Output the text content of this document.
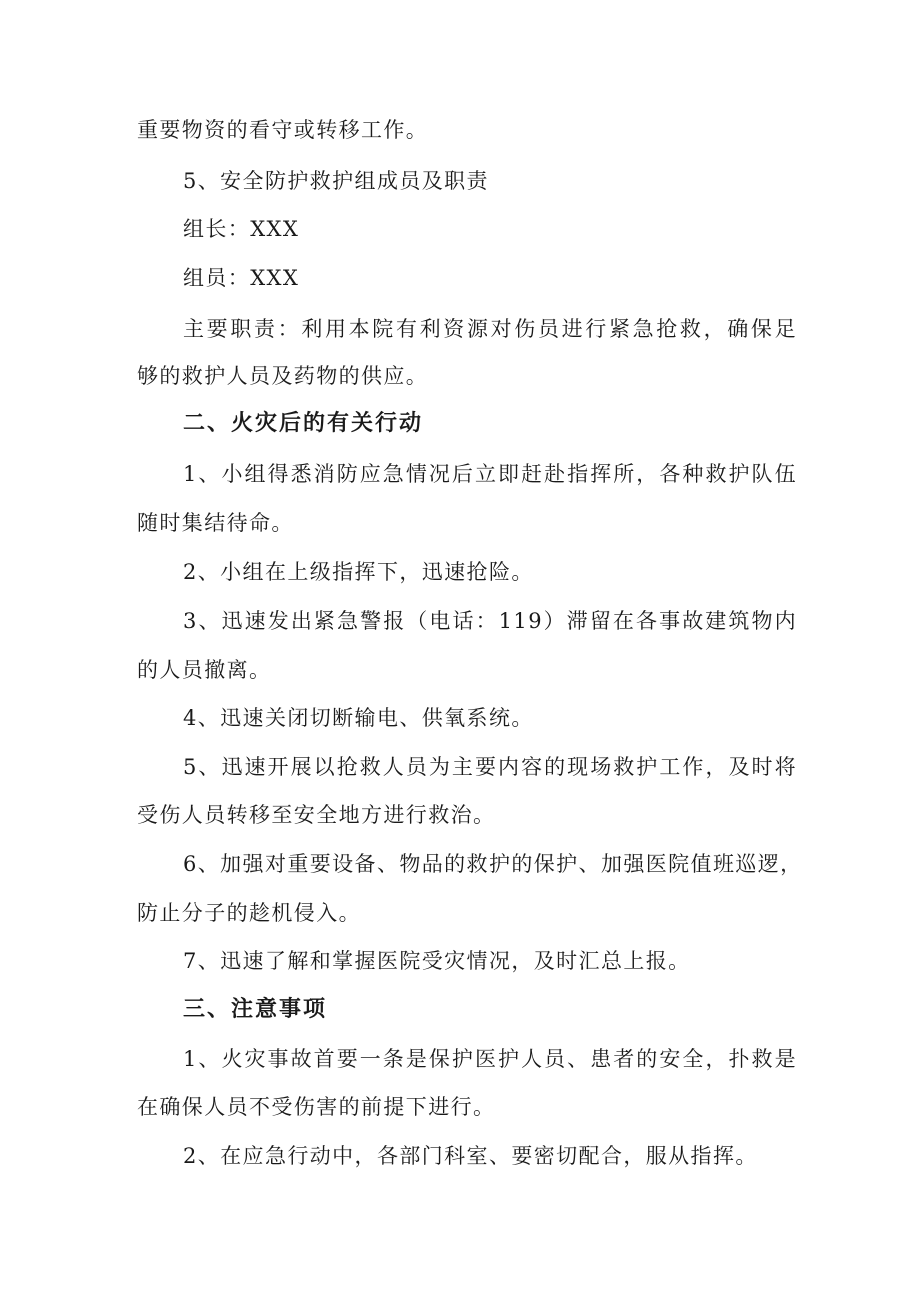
重要物资的看守或转移工作。
5、安全防护救护组成员及职责
组长：XXX
组员：XXX
主要职责：利用本院有利资源对伤员进行紧急抢救，确保足
够的救护人员及药物的供应。
二、火灾后的有关行动
1、小组得悉消防应急情况后立即赶赴指挥所，各种救护队伍
随时集结待命。
2、小组在上级指挥下，迅速抢险。
3、迅速发出紧急警报（电话：119）滞留在各事故建筑物内
的人员撤离。
4、迅速关闭切断输电、供氧系统。
5、迅速开展以抢救人员为主要内容的现场救护工作，及时将
受伤人员转移至安全地方进行救治。
6、加强对重要设备、物品的救护的保护、加强医院值班巡逻，
防止分子的趁机侵入。
7、迅速了解和掌握医院受灾情况，及时汇总上报。
三、注意事项
1、火灾事故首要一条是保护医护人员、患者的安全，扑救是
在确保人员不受伤害的前提下进行。
2、在应急行动中，各部门科室、要密切配合，服从指挥。
